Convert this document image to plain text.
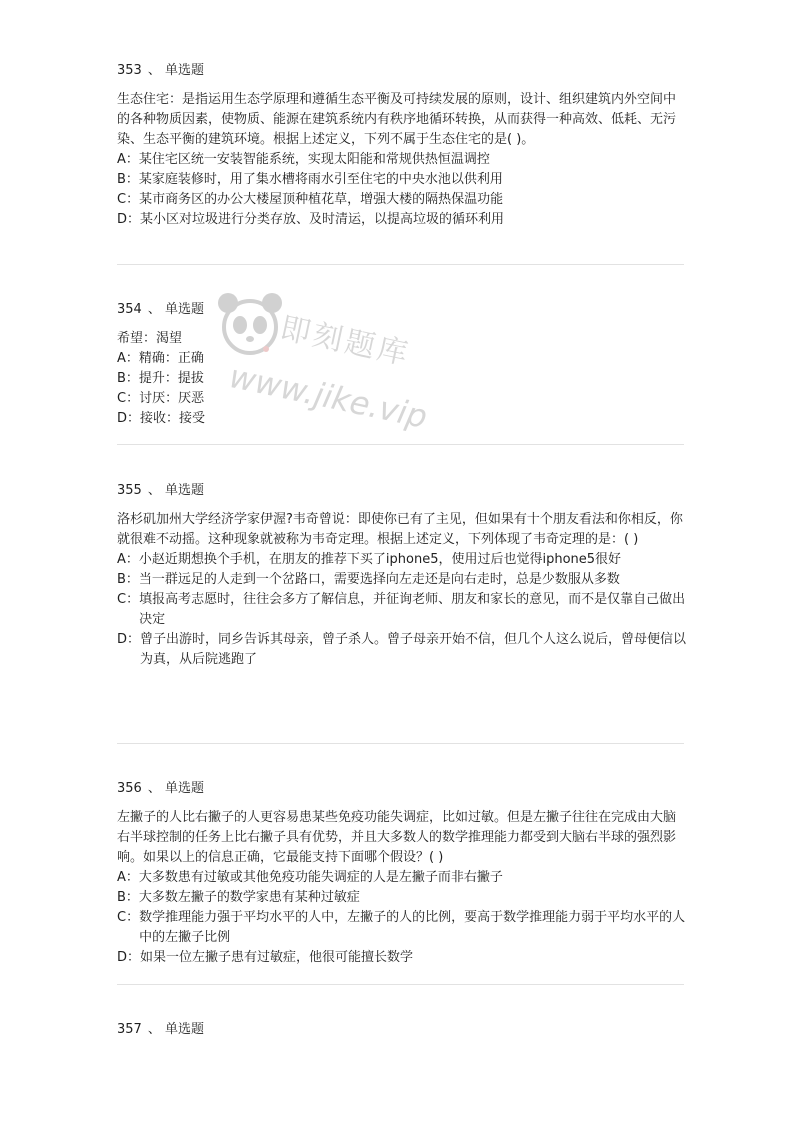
353 、 单选题

生态住宅：是指运用生态学原理和遵循生态平衡及可持续发展的原则，设计、组织建筑内外空间中的各种物质因素，使物质、能源在建筑系统内有秩序地循环转换，从而获得一种高效、低耗、无污染、生态平衡的建筑环境。根据上述定义，下列不属于生态住宅的是( )。

A： 某住宅区统一安装智能系统，实现太阳能和常规供热恒温调控
B： 某家庭装修时，用了集水槽将雨水引至住宅的中央水池以供利用
C： 某市商务区的办公大楼屋顶种植花草，增强大楼的隔热保温功能
D： 某小区对垃圾进行分类存放、及时清运，以提高垃圾的循环利用
354 、 单选题

希望：渴望

A： 精确：正确
B： 提升：提拔
C： 讨厌：厌恶
D： 接收：接受
355 、 单选题

洛杉矶加州大学经济学家伊渥?韦奇曾说：即使你已有了主见，但如果有十个朋友看法和你相反，你就很难不动摇。这种现象就被称为韦奇定理。根据上述定义，下列体现了韦奇定理的是：( )

A： 小赵近期想换个手机，在朋友的推荐下买了iphone5，使用过后也觉得iphone5很好
B： 当一群远足的人走到一个岔路口，需要选择向左走还是向右走时，总是少数服从多数
C： 填报高考志愿时，往往会多方了解信息，并征询老师、朋友和家长的意见，而不是仅靠自己做出决定
D： 曾子出游时，同乡告诉其母亲，曾子杀人。曾子母亲开始不信，但几个人这么说后，曾母便信以为真，从后院逃跑了
356 、 单选题

左撇子的人比右撇子的人更容易患某些免疫功能失调症，比如过敏。但是左撇子往往在完成由大脑右半球控制的任务上比右撇子具有优势，并且大多数人的数学推理能力都受到大脑右半球的强烈影响。如果以上的信息正确，它最能支持下面哪个假设？( )

A： 大多数患有过敏或其他免疫功能失调症的人是左撇子而非右撇子
B： 大多数左撇子的数学家患有某种过敏症
C： 数学推理能力强于平均水平的人中，左撇子的人的比例，要高于数学推理能力弱于平均水平的人中的左撇子比例
D： 如果一位左撇子患有过敏症，他很可能擅长数学
357 、 单选题
即刻题库
www.jike.vip
